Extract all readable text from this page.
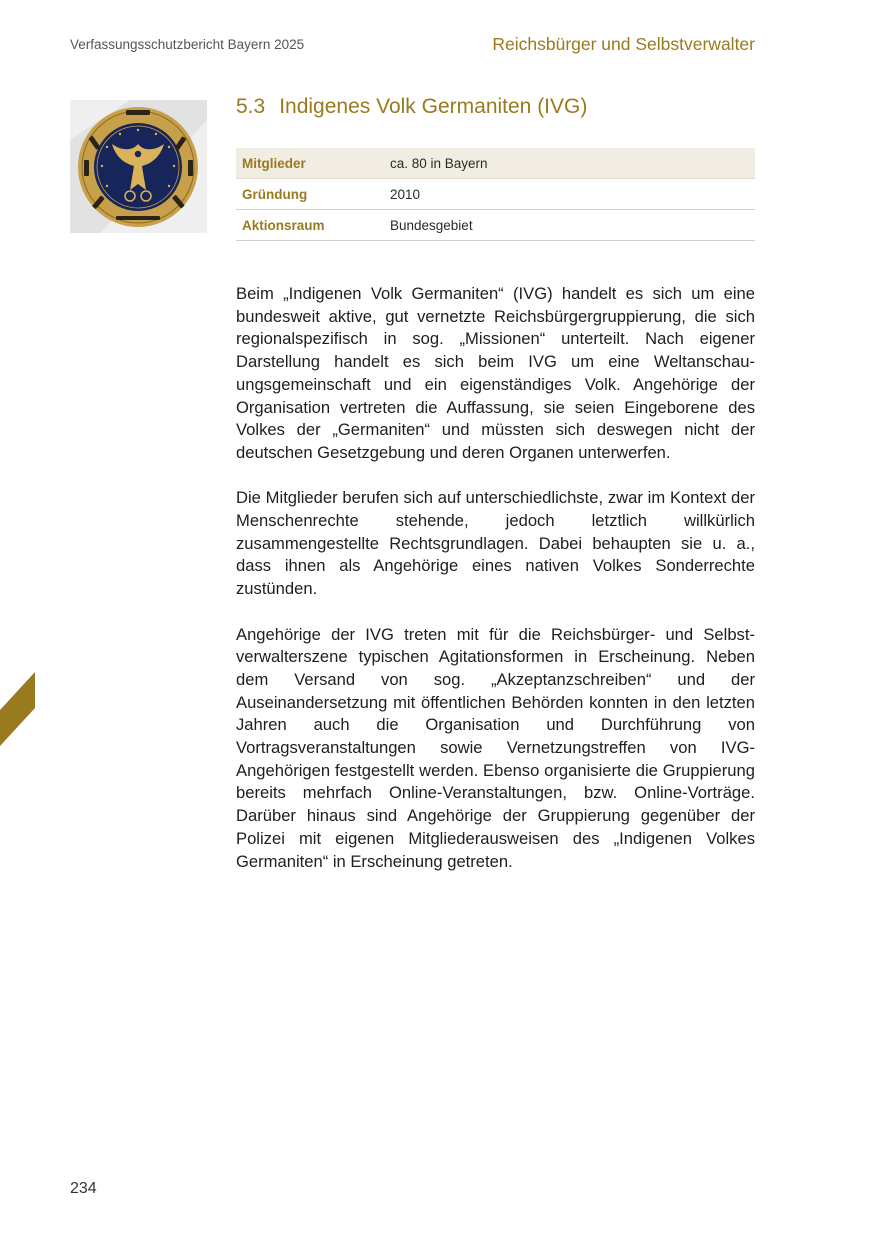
Verfassungsschutzbericht Bayern 2025	Reichsbürger und Selbstverwalter
5.3 Indigenes Volk Germaniten (IVG)
Mitglieder	ca. 80 in Bayern
Gründung	2010
Aktionsraum	Bundesgebiet

Beim „Indigenen Volk Germaniten“ (IVG) handelt es sich um eine bundesweit aktive, gut vernetzte Reichsbürgergruppierung, die sich regionalspezifisch in sog. „Missionen“ unterteilt. Nach eigener Darstellung handelt es sich beim IVG um eine Weltanschauungsgemeinschaft und ein eigenständiges Volk. Angehörige der Organisation vertreten die Auffassung, sie seien Eingeborene des Volkes der „Germaniten“ und müssten sich deswegen nicht der deutschen Gesetzgebung und deren Organen unterwerfen.

Die Mitglieder berufen sich auf unterschiedlichste, zwar im Kontext der Menschenrechte stehende, jedoch letztlich willkürlich zusammengestellte Rechtsgrundlagen. Dabei behaupten sie u. a., dass ihnen als Angehörige eines nativen Volkes Sonderrechte zustünden.

Angehörige der IVG treten mit für die Reichsbürger- und Selbstverwalterszene typischen Agitationsformen in Erscheinung. Neben dem Versand von sog. „Akzeptanzschreiben“ und der Auseinandersetzung mit öffentlichen Behörden konnten in den letzten Jahren auch die Organisation und Durchführung von Vortragsveranstaltungen sowie Vernetzungstreffen von IVG-Angehörigen festgestellt werden. Ebenso organisierte die Gruppierung bereits mehrfach Online-Veranstaltungen, bzw. Online-Vorträge. Darüber hinaus sind Angehörige der Gruppierung gegenüber der Polizei mit eigenen Mitgliederausweisen des „Indigenen Volkes Germaniten“ in Erscheinung getreten.

234
